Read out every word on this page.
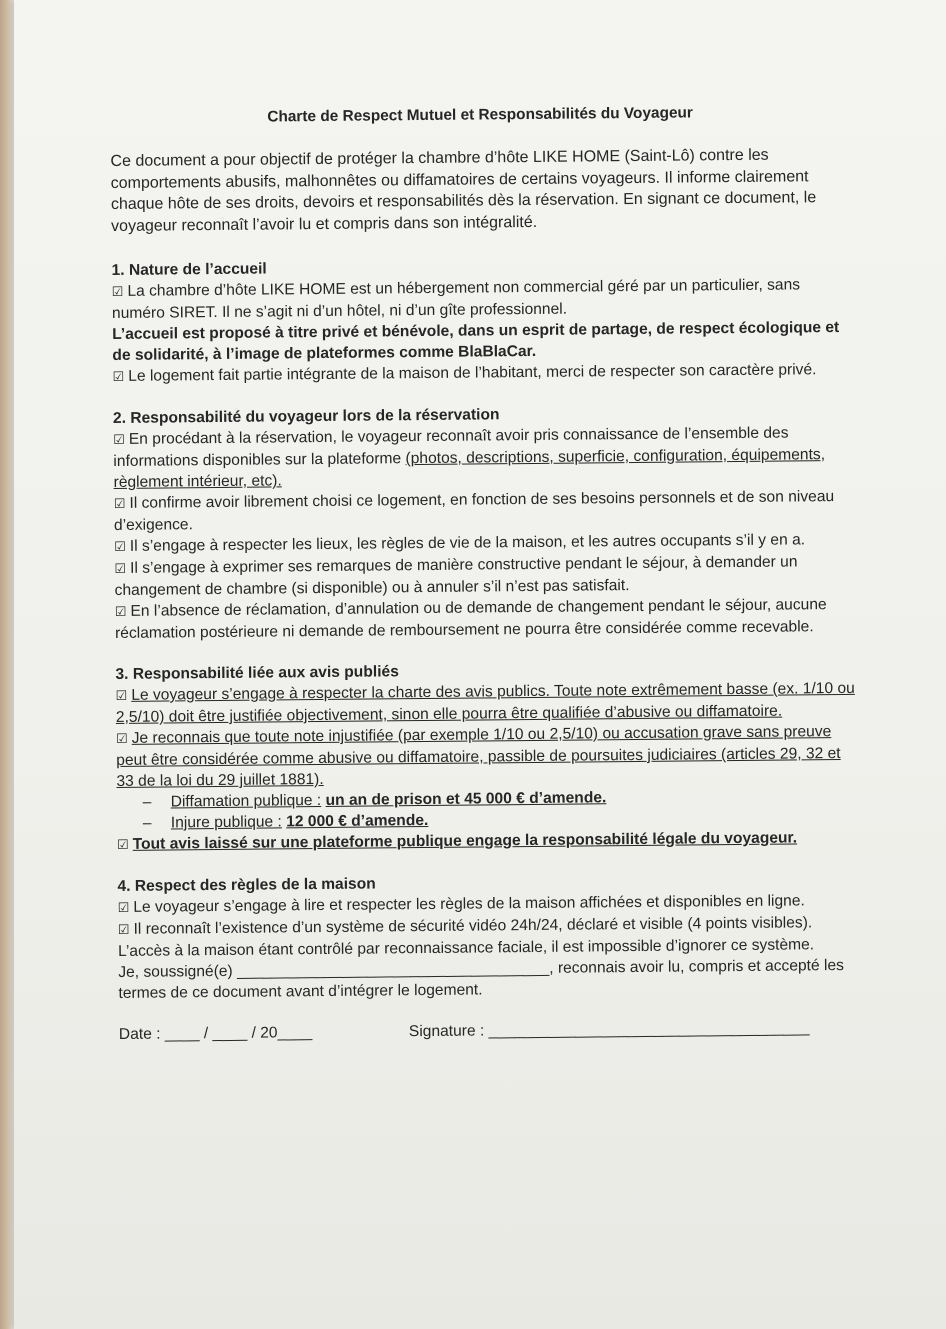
Charte de Respect Mutuel et Responsabilités du Voyageur

Ce document a pour objectif de protéger la chambre d’hôte LIKE HOME (Saint-Lô) contre les comportements abusifs, malhonnêtes ou diffamatoires de certains voyageurs. Il informe clairement chaque hôte de ses droits, devoirs et responsabilités dès la réservation. En signant ce document, le voyageur reconnaît l’avoir lu et compris dans son intégralité.

1. Nature de l’accueil

☑ La chambre d’hôte LIKE HOME est un hébergement non commercial géré par un particulier, sans numéro SIRET. Il ne s’agit ni d’un hôtel, ni d’un gîte professionnel.
L’accueil est proposé à titre privé et bénévole, dans un esprit de partage, de respect écologique et de solidarité, à l’image de plateformes comme BlaBlaCar.

☑ Le logement fait partie intégrante de la maison de l’habitant, merci de respecter son caractère privé.

2. Responsabilité du voyageur lors de la réservation

☑ En procédant à la réservation, le voyageur reconnaît avoir pris connaissance de l’ensemble des informations disponibles sur la plateforme (photos, descriptions, superficie, configuration, équipements, règlement intérieur, etc).

☑ Il confirme avoir librement choisi ce logement, en fonction de ses besoins personnels et de son niveau d’exigence.

☑ Il s’engage à respecter les lieux, les règles de vie de la maison, et les autres occupants s’il y en a.

☑ Il s’engage à exprimer ses remarques de manière constructive pendant le séjour, à demander un changement de chambre (si disponible) ou à annuler s’il n’est pas satisfait.

☑ En l’absence de réclamation, d’annulation ou de demande de changement pendant le séjour, aucune réclamation postérieure ni demande de remboursement ne pourra être considérée comme recevable.

3. Responsabilité liée aux avis publiés

☑ Le voyageur s’engage à respecter la charte des avis publics. Toute note extrêmement basse (ex. 1/10 ou 2,5/10) doit être justifiée objectivement, sinon elle pourra être qualifiée d’abusive ou diffamatoire.

☑ Je reconnais que toute note injustifiée (par exemple 1/10 ou 2,5/10) ou accusation grave sans preuve peut être considérée comme abusive ou diffamatoire, passible de poursuites judiciaires (articles 29, 32 et 33 de la loi du 29 juillet 1881).

– Diffamation publique : un an de prison et 45 000 € d’amende.

– Injure publique : 12 000 € d’amende.

☑ Tout avis laissé sur une plateforme publique engage la responsabilité légale du voyageur.

4. Respect des règles de la maison

☑ Le voyageur s’engage à lire et respecter les règles de la maison affichées et disponibles en ligne.

☑ Il reconnaît l’existence d’un système de sécurité vidéo 24h/24, déclaré et visible (4 points visibles). L’accès à la maison étant contrôlé par reconnaissance faciale, il est impossible d’ignorer ce système.

Je, soussigné(e) ____________________________________, reconnais avoir lu, compris et accepté les termes de ce document avant d’intégrer le logement.

Date : ____ / ____ / 20____	Signature : _____________________________________
